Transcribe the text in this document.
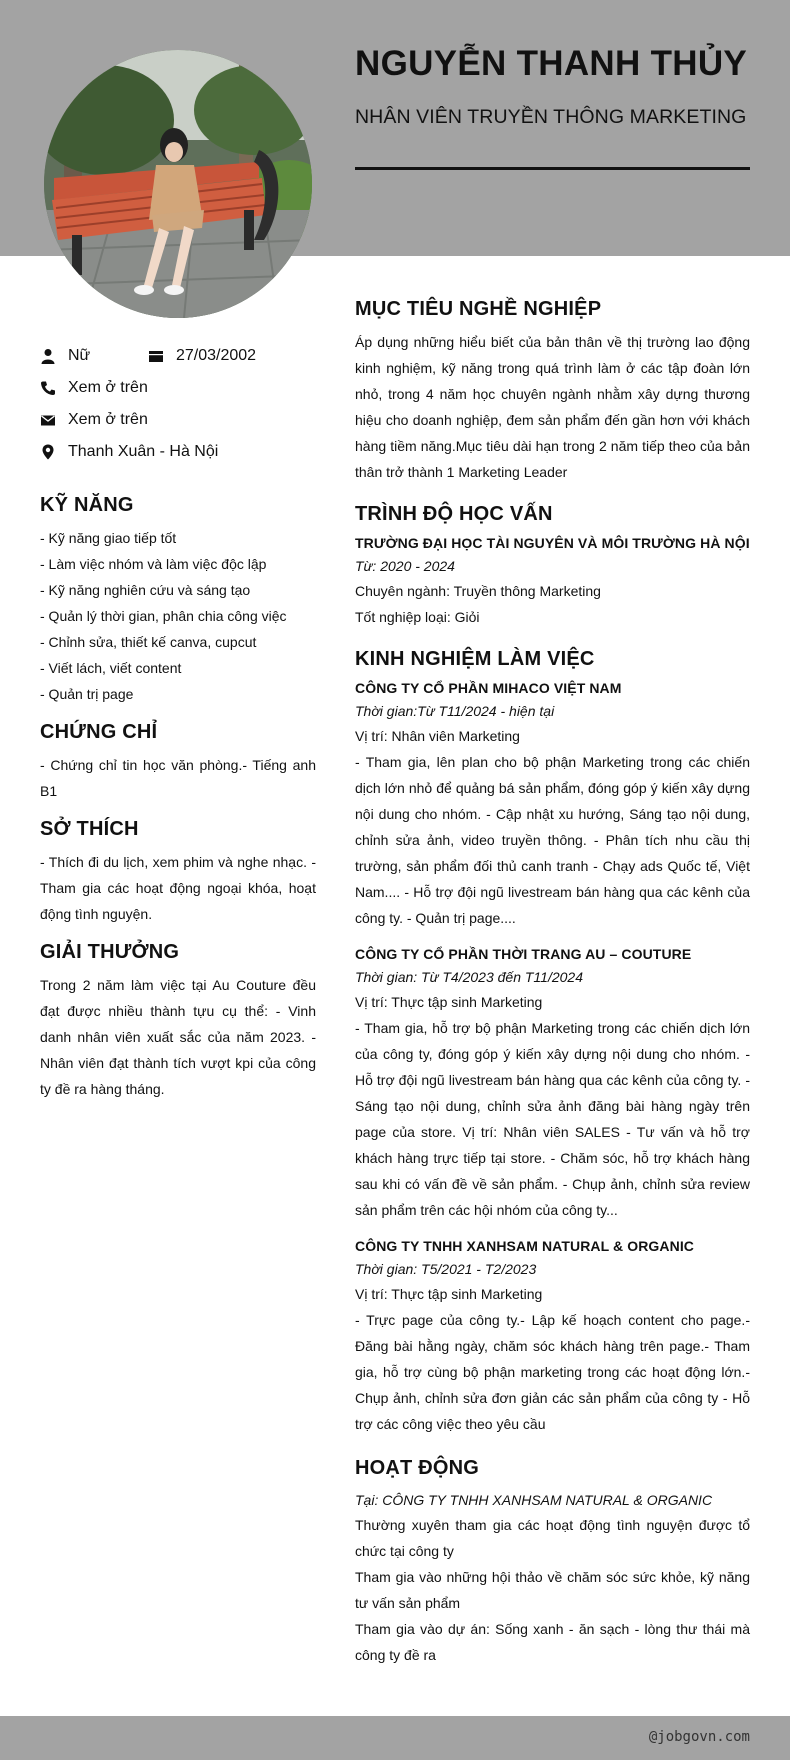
NGUYỄN THANH THỦY
NHÂN VIÊN TRUYỀN THÔNG MARKETING
Nữ	27/03/2002
Xem ở trên
Xem ở trên
Thanh Xuân - Hà Nội
KỸ NĂNG
- Kỹ năng giao tiếp tốt
- Làm việc nhóm và làm việc độc lập
- Kỹ năng nghiên cứu và sáng tạo
- Quản lý thời gian, phân chia công việc
- Chỉnh sửa, thiết kế canva, cupcut
- Viết lách, viết content
- Quản trị page
CHỨNG CHỈ
- Chứng chỉ tin học văn phòng.- Tiếng anh B1
SỞ THÍCH
- Thích đi du lịch, xem phim và nghe nhạc. - Tham gia các hoạt động ngoại khóa, hoạt động tình nguyện.
GIẢI THƯỞNG
Trong 2 năm làm việc tại Au Couture đều đạt được nhiều thành tựu cụ thể: - Vinh danh nhân viên xuất sắc của năm 2023. - Nhân viên đạt thành tích vượt kpi của công ty đề ra hàng tháng.
MỤC TIÊU NGHỀ NGHIỆP
Áp dụng những hiểu biết của bản thân về thị trường lao động kinh nghiệm, kỹ năng trong quá trình làm ở các tập đoàn lớn nhỏ, trong 4 năm học chuyên ngành nhằm xây dựng thương hiệu cho doanh nghiệp, đem sản phẩm đến gần hơn với khách hàng tiềm năng.Mục tiêu dài hạn trong 2 năm tiếp theo của bản thân trở thành 1 Marketing Leader
TRÌNH ĐỘ HỌC VẤN
TRƯỜNG ĐẠI HỌC TÀI NGUYÊN VÀ MÔI TRƯỜNG HÀ NỘI
Từ: 2020 - 2024
Chuyên ngành: Truyền thông Marketing
Tốt nghiệp loại: Giỏi
KINH NGHIỆM LÀM VIỆC
CÔNG TY CỔ PHẦN MIHACO VIỆT NAM
Thời gian:Từ T11/2024 - hiện tại
Vị trí: Nhân viên Marketing
- Tham gia, lên plan cho bộ phận Marketing trong các chiến dịch lớn nhỏ để quảng bá sản phẩm, đóng góp ý kiến xây dựng nội dung cho nhóm. - Cập nhật xu hướng, Sáng tạo nội dung, chỉnh sửa ảnh, video truyền thông. - Phân tích nhu cầu thị trường, sản phẩm đối thủ canh tranh - Chạy ads Quốc tế, Việt Nam.... - Hỗ trợ đội ngũ livestream bán hàng qua các kênh của công ty. - Quản trị page....
CÔNG TY CỔ PHẦN THỜI TRANG AU – COUTURE
Thời gian: Từ T4/2023 đến T11/2024
Vị trí: Thực tập sinh Marketing
- Tham gia, hỗ trợ bộ phận Marketing trong các chiến dịch lớn của công ty, đóng góp ý kiến xây dựng nội dung cho nhóm. - Hỗ trợ đội ngũ livestream bán hàng qua các kênh của công ty. - Sáng tạo nội dung, chỉnh sửa ảnh đăng bài hàng ngày trên page của store. Vị trí: Nhân viên SALES - Tư vấn và hỗ trợ khách hàng trực tiếp tại store. - Chăm sóc, hỗ trợ khách hàng sau khi có vấn đề về sản phẩm. - Chụp ảnh, chỉnh sửa review sản phẩm trên các hội nhóm của công ty...
CÔNG TY TNHH XANHSAM NATURAL & ORGANIC
Thời gian: T5/2021 - T2/2023
Vị trí: Thực tập sinh Marketing
- Trực page của công ty.- Lập kế hoạch content cho page.- Đăng bài hằng ngày, chăm sóc khách hàng trên page.- Tham gia, hỗ trợ cùng bộ phận marketing trong các hoạt động lớn.- Chụp ảnh, chỉnh sửa đơn giản các sản phẩm của công ty - Hỗ trợ các công việc theo yêu cầu
HOẠT ĐỘNG
Tại: CÔNG TY TNHH XANHSAM NATURAL & ORGANIC
Thường xuyên tham gia các hoạt động tình nguyện được tổ chức tại công ty
Tham gia vào những hội thảo về chăm sóc sức khỏe, kỹ năng tư vấn sản phẩm
Tham gia vào dự án: Sống xanh - ăn sạch - lòng thư thái mà công ty đề ra
@jobgovn.com
